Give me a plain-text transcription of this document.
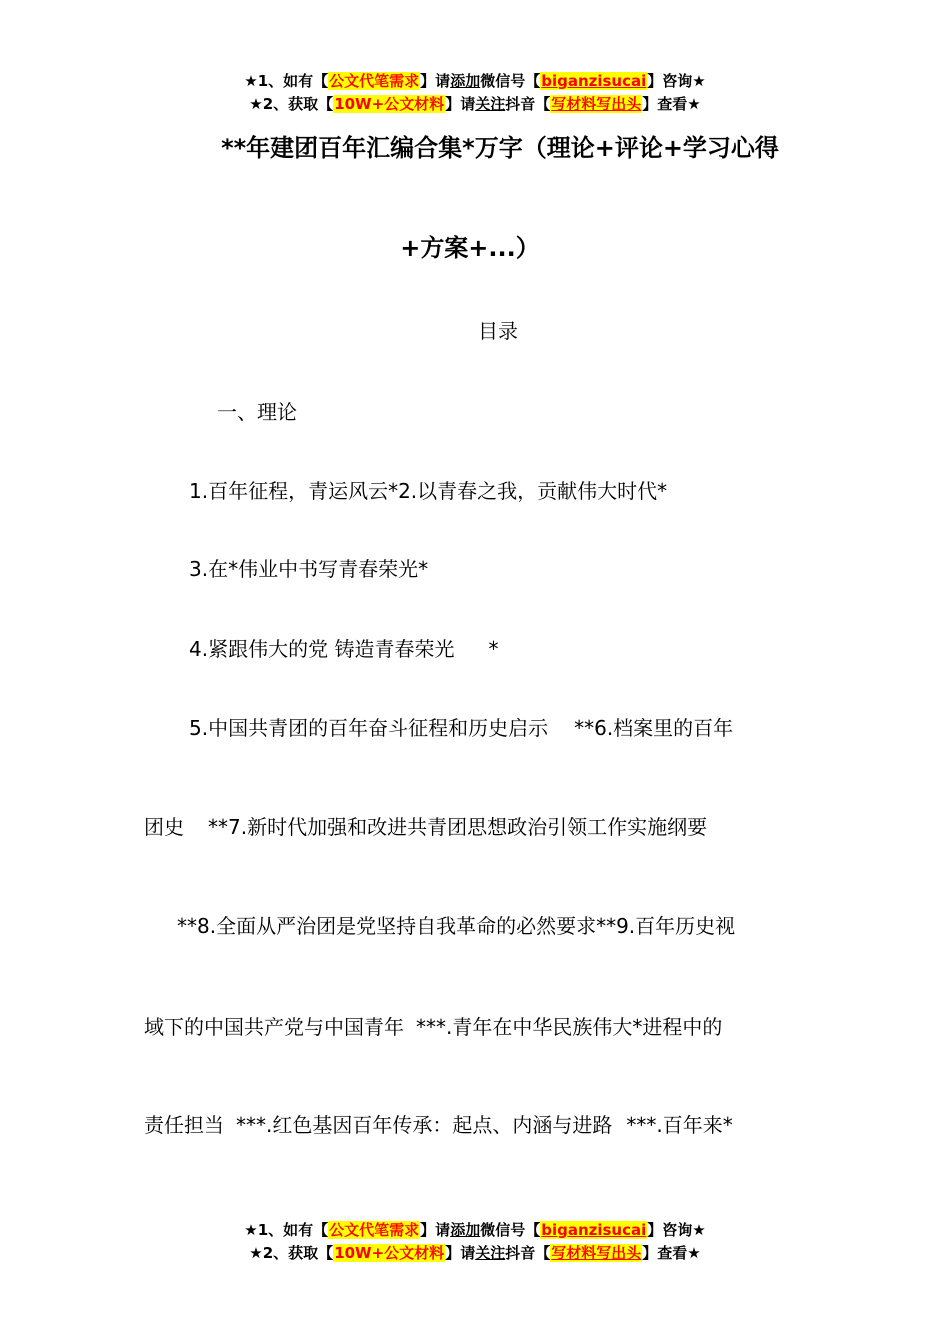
★1、如有【公文代笔需求】请添加微信号【biganzisucai】咨询★
★2、获取【10W+公文材料】请关注抖音【写材料写出头】查看★
**年建团百年汇编合集*万字（理论+评论+学习心得
+方案+...）
目录
一、理论
1.百年征程，青运风云*2.以青春之我，贡献伟大时代*
3.在*伟业中书写青春荣光*
4.紧跟伟大的党 铸造青春荣光 *
5.中国共青团的百年奋斗征程和历史启示 **6.档案里的百年
团史 **7.新时代加强和改进共青团思想政治引领工作实施纲要
**8.全面从严治团是党坚持自我革命的必然要求**9.百年历史视
域下的中国共产党与中国青年 ***.青年在中华民族伟大*进程中的
责任担当 ***.红色基因百年传承：起点、内涵与进路 ***.百年来*
★1、如有【公文代笔需求】请添加微信号【biganzisucai】咨询★
★2、获取【10W+公文材料】请关注抖音【写材料写出头】查看★
